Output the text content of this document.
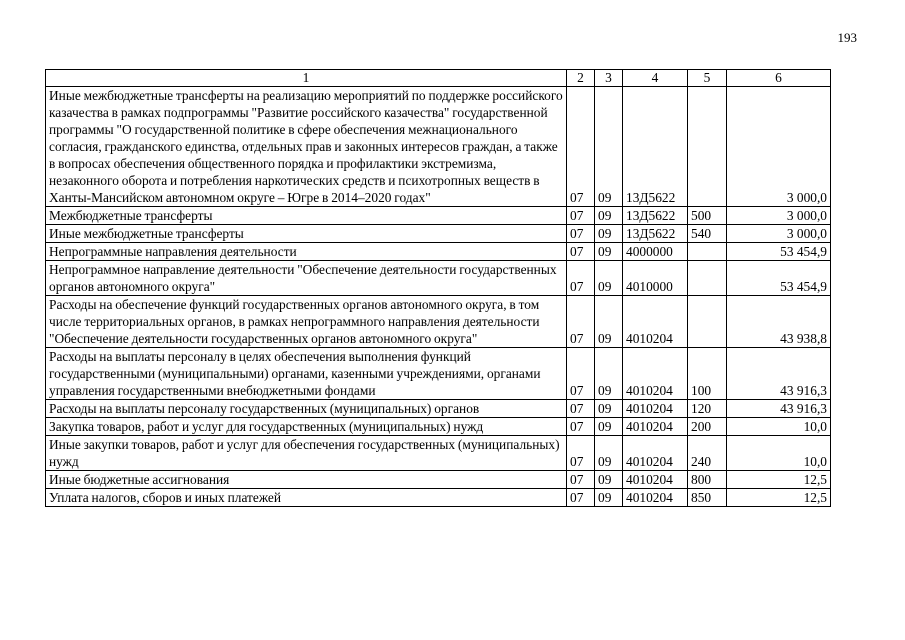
193
1	2	3	4	5	6
Иные межбюджетные трансферты на реализацию мероприятий по поддержке российского казачества в рамках подпрограммы "Развитие российского казачества" государственной программы "О государственной политике в сфере обеспечения межнационального согласия, гражданского единства, отдельных прав и законных интересов граждан, а также в вопросах обеспечения общественного порядка и профилактики экстремизма, незаконного оборота и потребления наркотических средств и психотропных веществ в Ханты-Мансийском автономном округе – Югре в 2014–2020 годах"	07	09	13Д5622		3 000,0
Межбюджетные трансферты	07	09	13Д5622	500	3 000,0
Иные межбюджетные трансферты	07	09	13Д5622	540	3 000,0
Непрограммные направления деятельности	07	09	4000000		53 454,9
Непрограммное направление деятельности "Обеспечение деятельности государственных органов автономного округа"	07	09	4010000		53 454,9
Расходы на обеспечение функций государственных органов автономного округа, в том числе территориальных органов, в рамках непрограммного направления деятельности "Обеспечение деятельности государственных органов автономного округа"	07	09	4010204		43 938,8
Расходы на выплаты персоналу в целях обеспечения выполнения функций государственными (муниципальными) органами, казенными учреждениями, органами управления государственными внебюджетными фондами	07	09	4010204	100	43 916,3
Расходы на выплаты персоналу государственных (муниципальных) органов	07	09	4010204	120	43 916,3
Закупка товаров, работ и услуг для государственных (муниципальных) нужд	07	09	4010204	200	10,0
Иные закупки товаров, работ и услуг для обеспечения государственных (муниципальных) нужд	07	09	4010204	240	10,0
Иные бюджетные ассигнования	07	09	4010204	800	12,5
Уплата налогов, сборов и иных платежей	07	09	4010204	850	12,5
